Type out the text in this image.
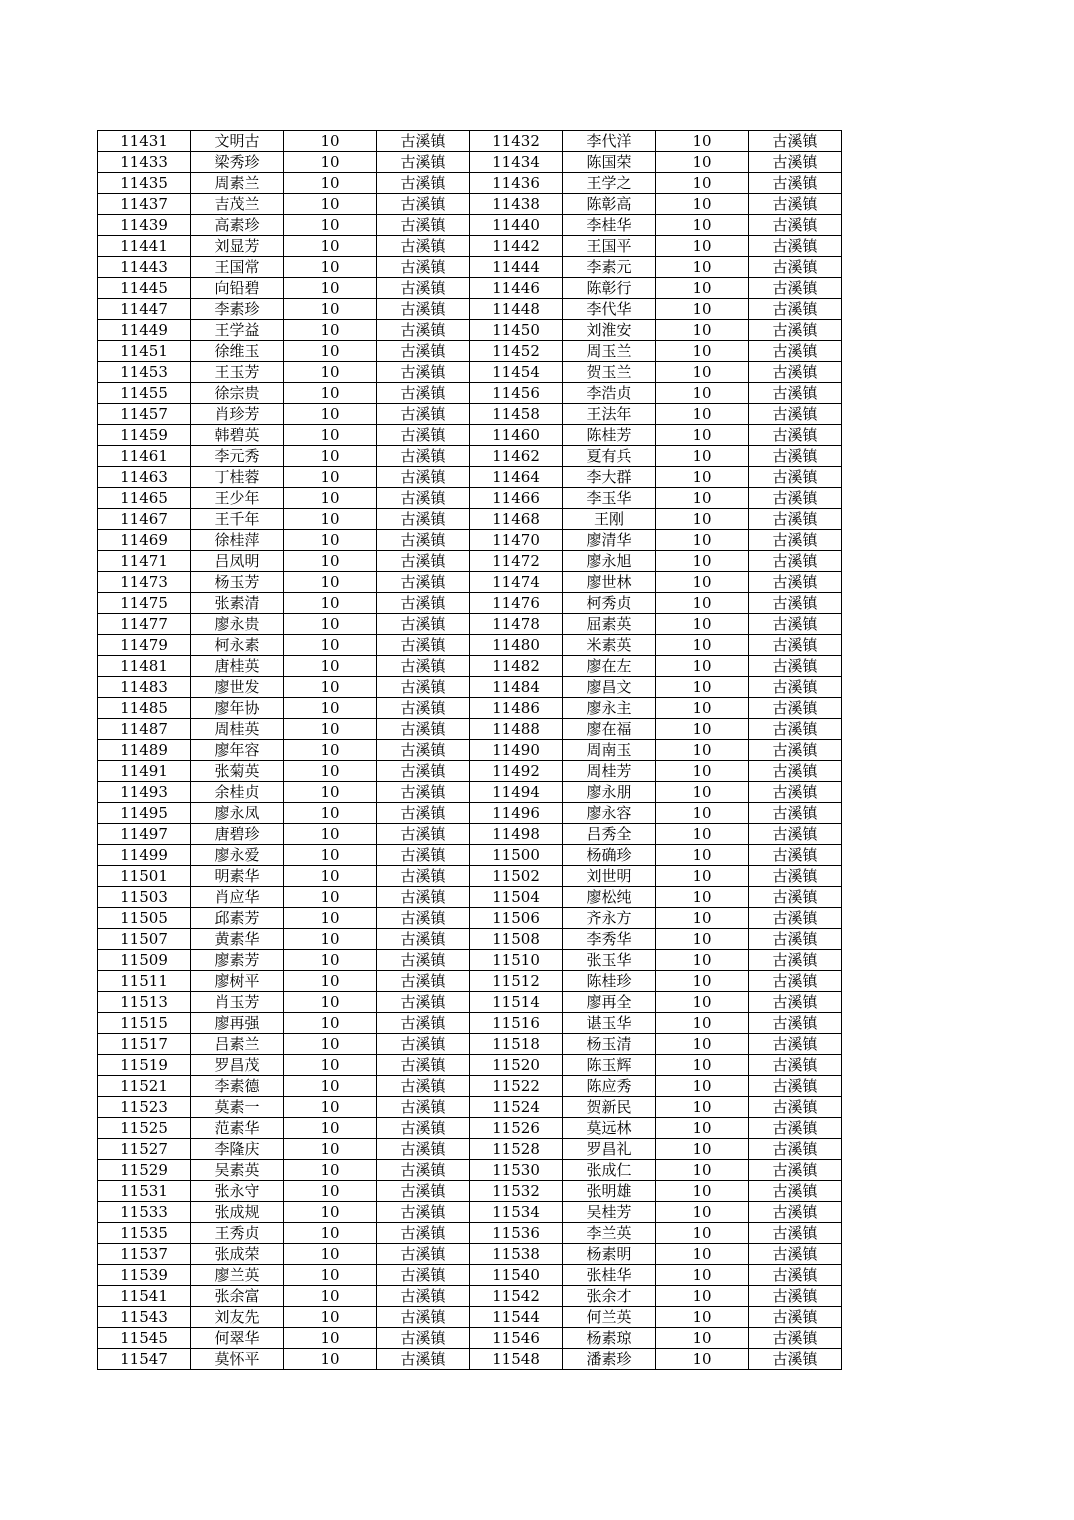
11431	文明古	10	古溪镇	11432	李代洋	10	古溪镇
11433	梁秀珍	10	古溪镇	11434	陈国荣	10	古溪镇
11435	周素兰	10	古溪镇	11436	王学之	10	古溪镇
11437	吉茂兰	10	古溪镇	11438	陈彰高	10	古溪镇
11439	高素珍	10	古溪镇	11440	李桂华	10	古溪镇
11441	刘显芳	10	古溪镇	11442	王国平	10	古溪镇
11443	王国常	10	古溪镇	11444	李素元	10	古溪镇
11445	向铅碧	10	古溪镇	11446	陈彰行	10	古溪镇
11447	李素珍	10	古溪镇	11448	李代华	10	古溪镇
11449	王学益	10	古溪镇	11450	刘淮安	10	古溪镇
11451	徐维玉	10	古溪镇	11452	周玉兰	10	古溪镇
11453	王玉芳	10	古溪镇	11454	贺玉兰	10	古溪镇
11455	徐宗贵	10	古溪镇	11456	李浩贞	10	古溪镇
11457	肖珍芳	10	古溪镇	11458	王法年	10	古溪镇
11459	韩碧英	10	古溪镇	11460	陈桂芳	10	古溪镇
11461	李元秀	10	古溪镇	11462	夏有兵	10	古溪镇
11463	丁桂蓉	10	古溪镇	11464	李大群	10	古溪镇
11465	王少年	10	古溪镇	11466	李玉华	10	古溪镇
11467	王千年	10	古溪镇	11468	王刚	10	古溪镇
11469	徐桂萍	10	古溪镇	11470	廖清华	10	古溪镇
11471	吕凤明	10	古溪镇	11472	廖永旭	10	古溪镇
11473	杨玉芳	10	古溪镇	11474	廖世林	10	古溪镇
11475	张素清	10	古溪镇	11476	柯秀贞	10	古溪镇
11477	廖永贵	10	古溪镇	11478	屈素英	10	古溪镇
11479	柯永素	10	古溪镇	11480	米素英	10	古溪镇
11481	唐桂英	10	古溪镇	11482	廖在左	10	古溪镇
11483	廖世发	10	古溪镇	11484	廖昌文	10	古溪镇
11485	廖年协	10	古溪镇	11486	廖永主	10	古溪镇
11487	周桂英	10	古溪镇	11488	廖在福	10	古溪镇
11489	廖年容	10	古溪镇	11490	周南玉	10	古溪镇
11491	张菊英	10	古溪镇	11492	周桂芳	10	古溪镇
11493	余桂贞	10	古溪镇	11494	廖永朋	10	古溪镇
11495	廖永凤	10	古溪镇	11496	廖永容	10	古溪镇
11497	唐碧珍	10	古溪镇	11498	吕秀全	10	古溪镇
11499	廖永爱	10	古溪镇	11500	杨确珍	10	古溪镇
11501	明素华	10	古溪镇	11502	刘世明	10	古溪镇
11503	肖应华	10	古溪镇	11504	廖松纯	10	古溪镇
11505	邱素芳	10	古溪镇	11506	齐永方	10	古溪镇
11507	黄素华	10	古溪镇	11508	李秀华	10	古溪镇
11509	廖素芳	10	古溪镇	11510	张玉华	10	古溪镇
11511	廖树平	10	古溪镇	11512	陈桂珍	10	古溪镇
11513	肖玉芳	10	古溪镇	11514	廖再全	10	古溪镇
11515	廖再强	10	古溪镇	11516	谌玉华	10	古溪镇
11517	吕素兰	10	古溪镇	11518	杨玉清	10	古溪镇
11519	罗昌茂	10	古溪镇	11520	陈玉辉	10	古溪镇
11521	李素德	10	古溪镇	11522	陈应秀	10	古溪镇
11523	莫素一	10	古溪镇	11524	贺新民	10	古溪镇
11525	范素华	10	古溪镇	11526	莫远林	10	古溪镇
11527	李隆庆	10	古溪镇	11528	罗昌礼	10	古溪镇
11529	吴素英	10	古溪镇	11530	张成仁	10	古溪镇
11531	张永守	10	古溪镇	11532	张明雄	10	古溪镇
11533	张成规	10	古溪镇	11534	吴桂芳	10	古溪镇
11535	王秀贞	10	古溪镇	11536	李兰英	10	古溪镇
11537	张成荣	10	古溪镇	11538	杨素明	10	古溪镇
11539	廖兰英	10	古溪镇	11540	张桂华	10	古溪镇
11541	张余富	10	古溪镇	11542	张余才	10	古溪镇
11543	刘友先	10	古溪镇	11544	何兰英	10	古溪镇
11545	何翠华	10	古溪镇	11546	杨素琼	10	古溪镇
11547	莫怀平	10	古溪镇	11548	潘素珍	10	古溪镇
